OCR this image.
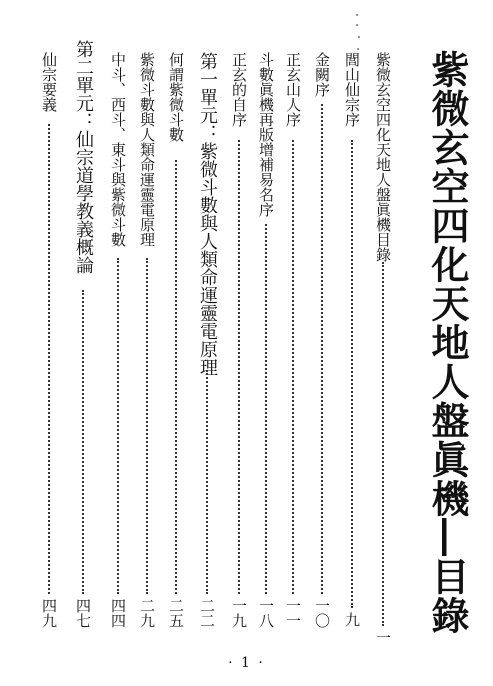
紫微玄空四化天地人盤眞機―目錄
紫微玄空四化天地人盤眞機目錄
一
閭山仙宗序
九
金闕序
一〇
正玄山人序
一一
斗數眞機再版增補易名序
一八
正玄的自序
一九
第一單元：紫微斗數與人類命運靈電原理
二二
何謂紫微斗數
二五
紫微斗數與人類命運靈電原理
二九
中斗、西斗、東斗與紫微斗數
四四
第二單元：仙宗道學教義概論
四七
仙宗要義
四九
· 1 ·
